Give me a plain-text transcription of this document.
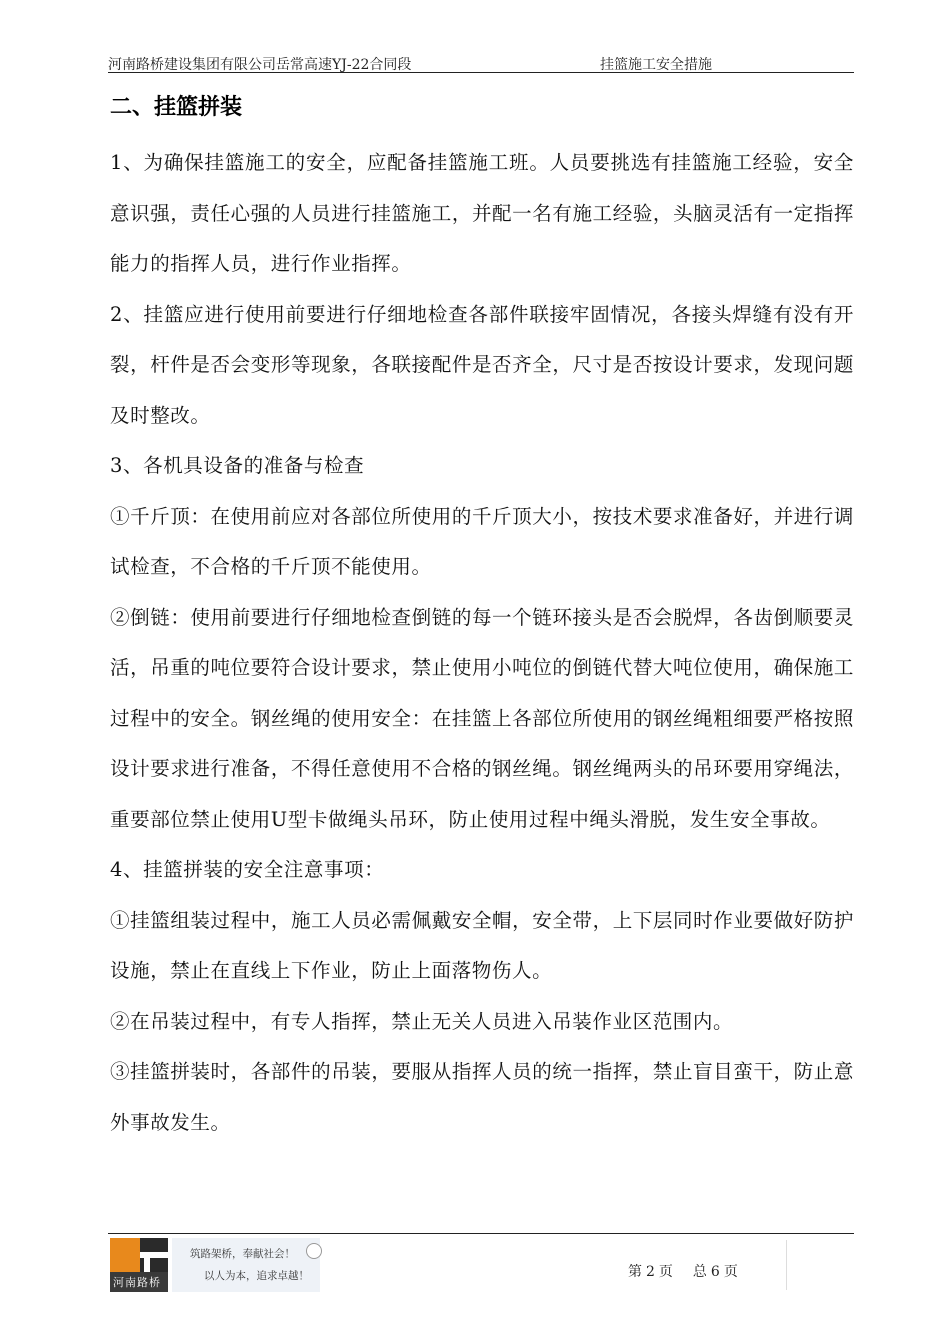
河南路桥建设集团有限公司岳常高速YJ-22合同段	挂篮施工安全措施
二、挂篮拼装

1、为确保挂篮施工的安全，应配备挂篮施工班。人员要挑选有挂篮施工经验，安全意识强，责任心强的人员进行挂篮施工，并配一名有施工经验，头脑灵活有一定指挥能力的指挥人员，进行作业指挥。

2、挂篮应进行使用前要进行仔细地检查各部件联接牢固情况，各接头焊缝有没有开裂，杆件是否会变形等现象，各联接配件是否齐全，尺寸是否按设计要求，发现问题及时整改。

3、各机具设备的准备与检查

①千斤顶：在使用前应对各部位所使用的千斤顶大小，按技术要求准备好，并进行调试检查，不合格的千斤顶不能使用。

②倒链：使用前要进行仔细地检查倒链的每一个链环接头是否会脱焊，各齿倒顺要灵活，吊重的吨位要符合设计要求，禁止使用小吨位的倒链代替大吨位使用，确保施工过程中的安全。钢丝绳的使用安全：在挂篮上各部位所使用的钢丝绳粗细要严格按照设计要求进行准备，不得任意使用不合格的钢丝绳。钢丝绳两头的吊环要用穿绳法，重要部位禁止使用U型卡做绳头吊环，防止使用过程中绳头滑脱，发生安全事故。

4、挂篮拼装的安全注意事项：

①挂篮组装过程中，施工人员必需佩戴安全帽，安全带，上下层同时作业要做好防护设施，禁止在直线上下作业，防止上面落物伤人。

②在吊装过程中，有专人指挥，禁止无关人员进入吊装作业区范围内。

③挂篮拼装时，各部件的吊装，要服从指挥人员的统一指挥，禁止盲目蛮干，防止意外事故发生。

河南路桥
筑路架桥，奉献社会！
以人为本，追求卓越！	第 2 页 总 6 页
